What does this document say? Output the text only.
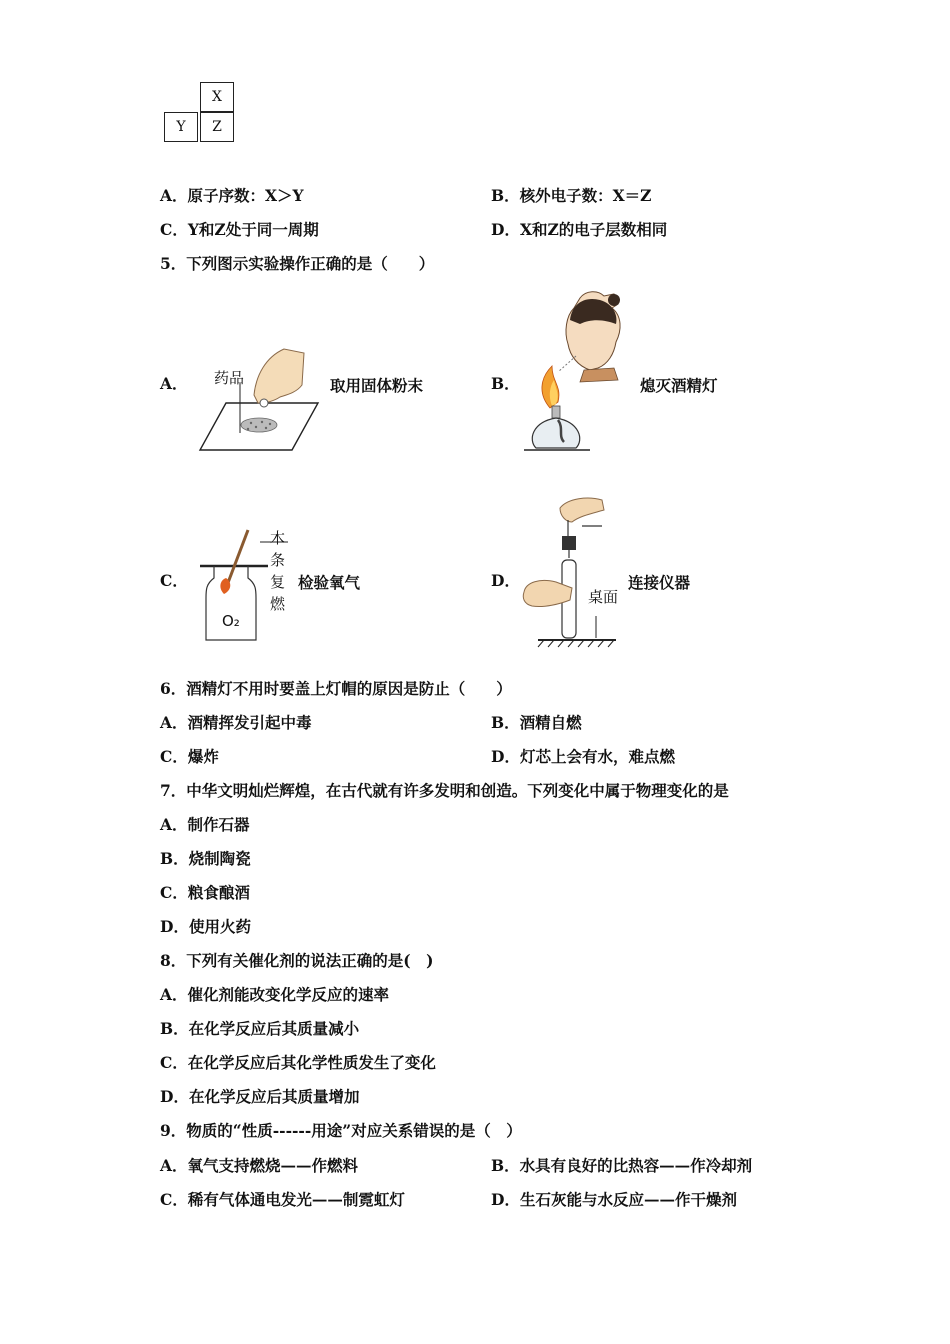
X
Y	Z
A．原子序数：X＞Y	B．核外电子数：X＝Z
C．Y和Z处于同一周期	D．X和Z的电子层数相同
5．下列图示实验操作正确的是（　　）
A． 药品	取用固体粉末	B．	熄灭酒精灯
C．
O₂
木
条
复
燃
检验氧气	D．
桌面
连接仪器
6．酒精灯不用时要盖上灯帽的原因是防止（　　）
A．酒精挥发引起中毒	B．酒精自燃
C．爆炸	D．灯芯上会有水，难点燃
7．中华文明灿烂辉煌，在古代就有许多发明和创造。下列变化中属于物理变化的是
A．制作石器
B．烧制陶瓷
C．粮食酿酒
D．使用火药
8．下列有关催化剂的说法正确的是(　)
A．催化剂能改变化学反应的速率
B．在化学反应后其质量减小
C．在化学反应后其化学性质发生了变化
D．在化学反应后其质量增加
9．物质的“性质------用途”对应关系错误的是（　）
A．氧气支持燃烧——作燃料	B．水具有良好的比热容——作冷却剂
C．稀有气体通电发光——制霓虹灯	D．生石灰能与水反应——作干燥剂
